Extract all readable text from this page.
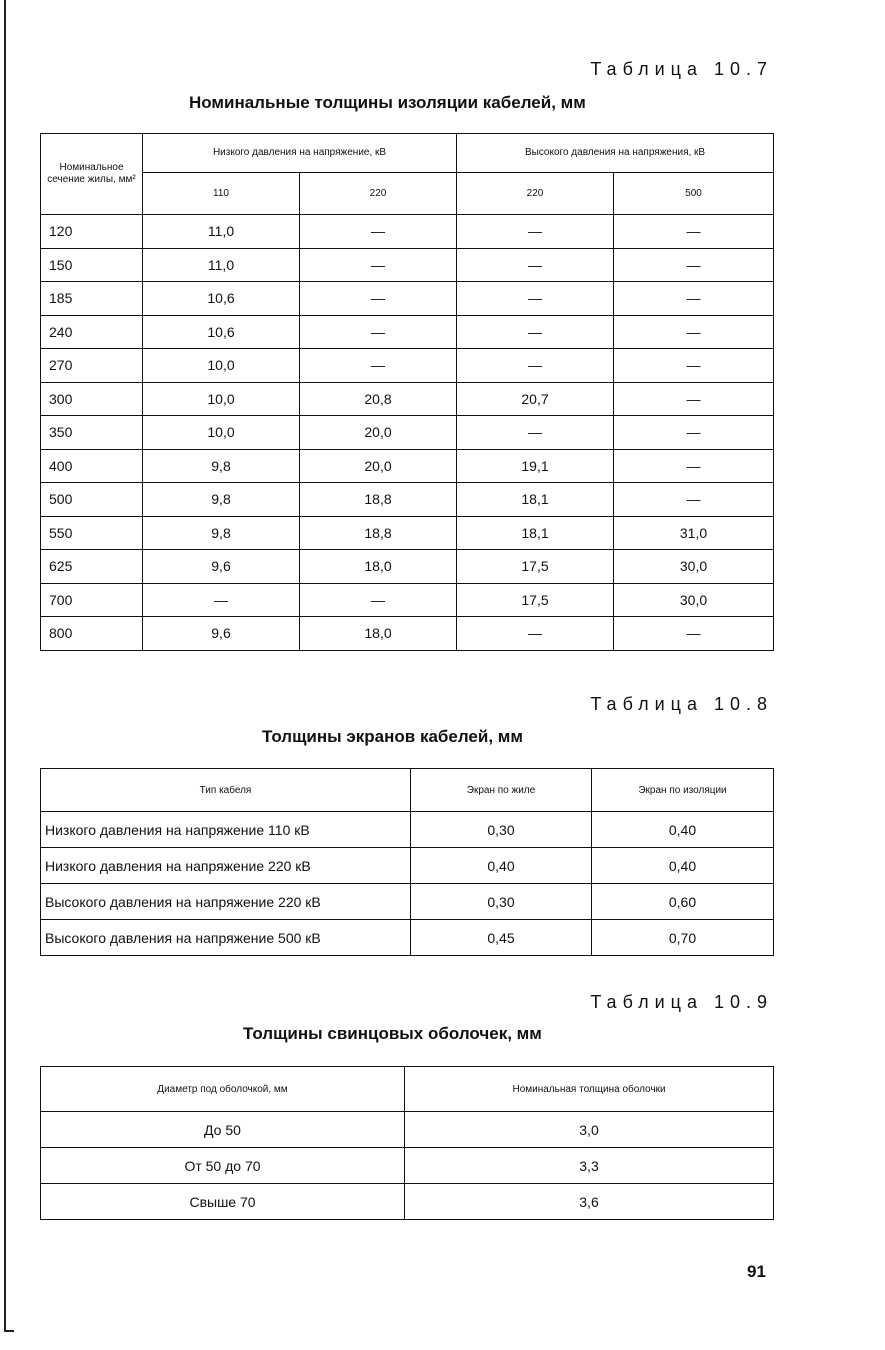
Таблица 10.7
Номинальные толщины изоляции кабелей, мм
Номинальное сечение жилы, мм²	Низкого давления на напряжение, кВ		Высокого давления на напряжения, кВ	
	110	220	220	500
120	11,0	—	—	—
150	11,0	—	—	—
185	10,6	—	—	—
240	10,6	—	—	—
270	10,0	—	—	—
300	10,0	20,8	20,7	—
350	10,0	20,0	—	—
400	9,8	20,0	19,1	—
500	9,8	18,8	18,1	—
550	9,8	18,8	18,1	31,0
625	9,6	18,0	17,5	30,0
700	—	—	17,5	30,0
800	9,6	18,0	—	—
Таблица 10.8
Толщины экранов кабелей, мм
Тип кабеля	Экран по жиле	Экран по изоляции
Низкого давления на напряжение 110 кВ	0,30	0,40
Низкого давления на напряжение 220 кВ	0,40	0,40
Высокого давления на напряжение 220 кВ	0,30	0,60
Высокого давления на напряжение 500 кВ	0,45	0,70
Таблица 10.9
Толщины свинцовых оболочек, мм
Диаметр под оболочкой, мм	Номинальная толщина оболочки
До 50	3,0
От 50 до 70	3,3
Свыше 70	3,6
91
